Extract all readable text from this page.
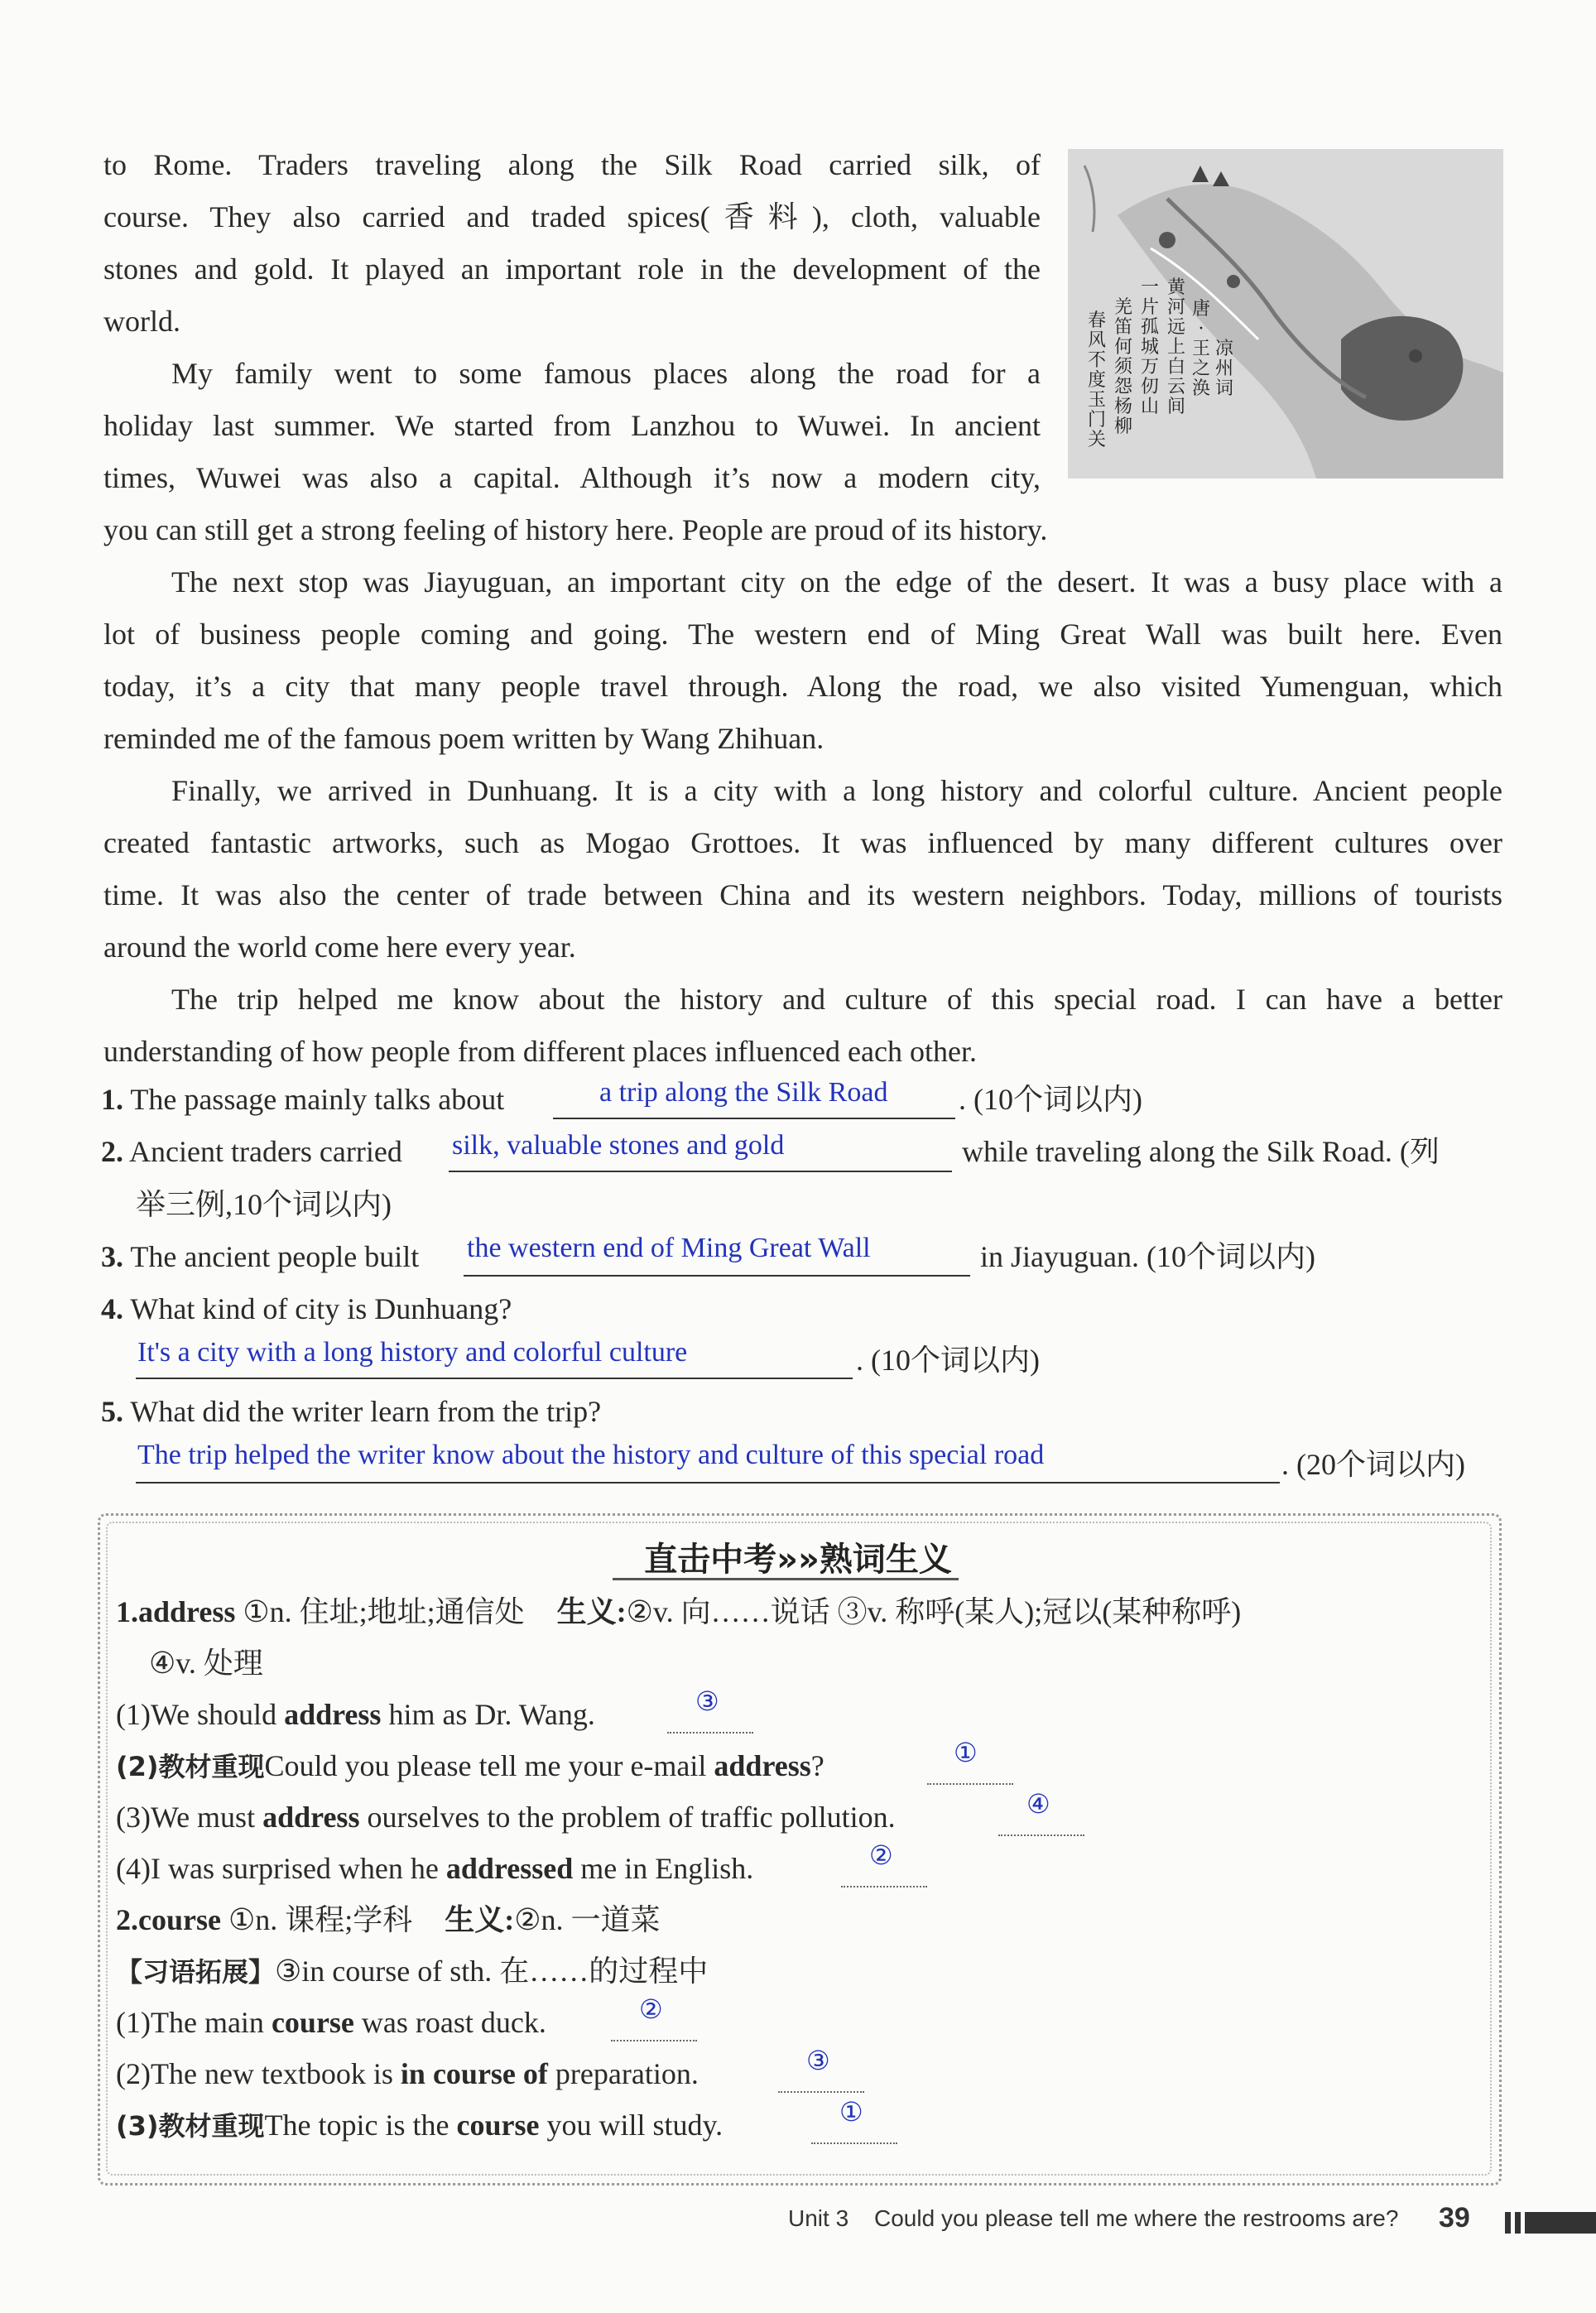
to Rome. Traders traveling along the Silk Road carried silk, of
course. They also carried and traded spices(香料), cloth, valuable
stones and gold. It played an important role in the development of the
world.
My family went to some famous places along the road for a
holiday last summer. We started from Lanzhou to Wuwei. In ancient
times, Wuwei was also a capital. Although it’s now a modern city,
you can still get a strong feeling of history here. People are proud of its history.
凉州词
唐·王之涣
黄河远上白云间
一片孤城万仞山
羌笛何须怨杨柳
春风不度玉门关
The next stop was Jiayuguan, an important city on the edge of the desert. It was a busy place with a
lot of business people coming and going. The western end of Ming Great Wall was built here. Even
today, it’s a city that many people travel through. Along the road, we also visited Yumenguan, which
reminded me of the famous poem written by Wang Zhihuan.
Finally, we arrived in Dunhuang. It is a city with a long history and colorful culture. Ancient people
created fantastic artworks, such as Mogao Grottoes. It was influenced by many different cultures over
time. It was also the center of trade between China and its western neighbors. Today, millions of tourists
around the world come here every year.
The trip helped me know about the history and culture of this special road. I can have a better
understanding of how people from different places influenced each other.
1. The passage mainly talks about	a trip along the Silk Road . (10个词以内)
2. Ancient traders carried silk, valuable stones and gold	while traveling along the Silk Road. (列
举三例,10个词以内)
3. The ancient people built the western end of Ming Great Wall	in Jiayuguan. (10个词以内)
4. What kind of city is Dunhuang?
It's a city with a long history and colorful culture	. (10个词以内)
5. What did the writer learn from the trip?
The trip helped the writer know about the history and culture of this special road	. (20个词以内)
直击中考»»熟词生义
1.address ①n. 住址;地址;通信处 生义:②v. 向……说话 ③v. 称呼(某人);冠以(某种称呼)
④v. 处理
(1)We should address him as Dr. Wang.	③
(2)教材重现Could you please tell me your e-mail address?	①
(3)We must address ourselves to the problem of traffic pollution.	④
(4)I was surprised when he addressed me in English.	②
2.course ①n. 课程;学科 生义:②n. 一道菜
【习语拓展】③in course of sth. 在……的过程中
(1)The main course was roast duck.	②
(2)The new textbook is in course of preparation.	③
(3)教材重现The topic is the course you will study.	①
Unit 3 Could you please tell me where the restrooms are? 39
